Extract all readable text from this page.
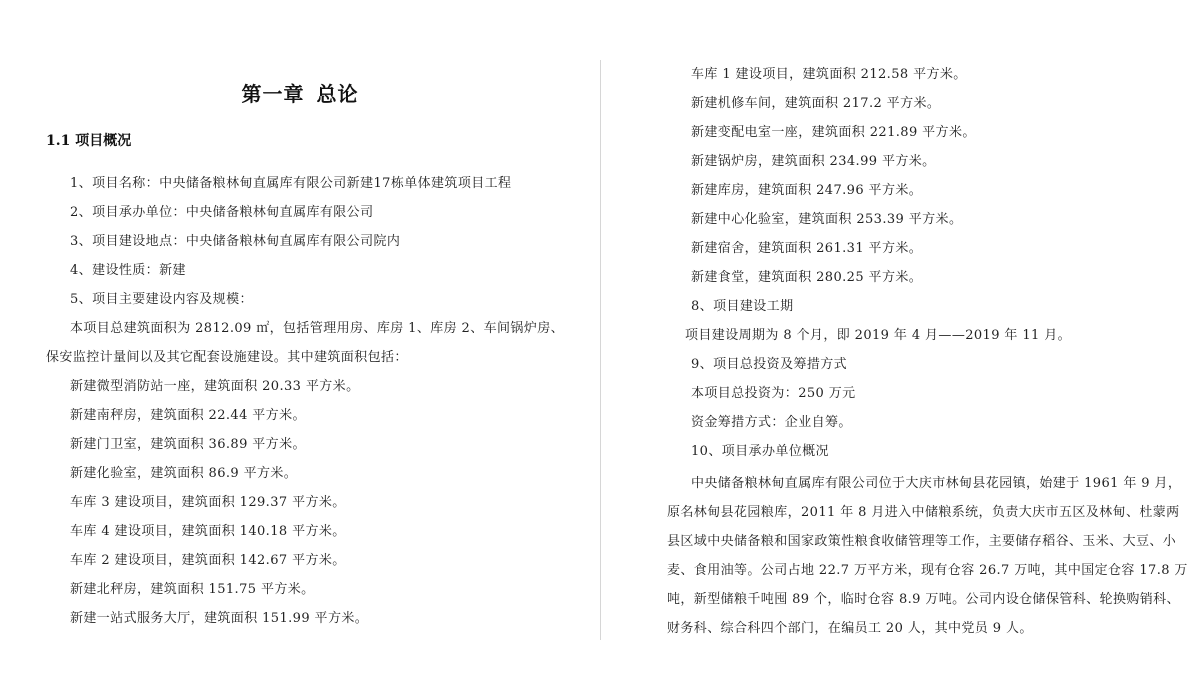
第一章 总论
1.1 项目概况

1、项目名称：中央储备粮林甸直属库有限公司新建17栋单体建筑项目工程

2、项目承办单位：中央储备粮林甸直属库有限公司

3、项目建设地点：中央储备粮林甸直属库有限公司院内

4、建设性质：新建

5、项目主要建设内容及规模：

本项目总建筑面积为 2812.09 ㎡，包括管理用房、库房 1、库房 2、车间锅炉房、

保安监控计量间以及其它配套设施建设。其中建筑面积包括：

新建微型消防站一座，建筑面积 20.33 平方米。

新建南秤房，建筑面积 22.44 平方米。

新建门卫室，建筑面积 36.89 平方米。

新建化验室，建筑面积 86.9 平方米。

车库 3 建设项目，建筑面积 129.37 平方米。

车库 4 建设项目，建筑面积 140.18 平方米。

车库 2 建设项目，建筑面积 142.67 平方米。

新建北秤房，建筑面积 151.75 平方米。

新建一站式服务大厅，建筑面积 151.99 平方米。

车库 1 建设项目，建筑面积 212.58 平方米。

新建机修车间，建筑面积 217.2 平方米。

新建变配电室一座，建筑面积 221.89 平方米。

新建锅炉房，建筑面积 234.99 平方米。

新建库房，建筑面积 247.96 平方米。

新建中心化验室，建筑面积 253.39 平方米。

新建宿舍，建筑面积 261.31 平方米。

新建食堂，建筑面积 280.25 平方米。

8、项目建设工期

项目建设周期为 8 个月，即 2019 年 4 月——2019 年 11 月。

9、项目总投资及筹措方式

本项目总投资为：250 万元

资金筹措方式：企业自筹。

10、项目承办单位概况

中央储备粮林甸直属库有限公司位于大庆市林甸县花园镇，始建于 1961 年 9 月，

原名林甸县花园粮库，2011 年 8 月进入中储粮系统，负责大庆市五区及林甸、杜蒙两

县区域中央储备粮和国家政策性粮食收储管理等工作，主要储存稻谷、玉米、大豆、小

麦、食用油等。公司占地 22.7 万平方米，现有仓容 26.7 万吨，其中国定仓容 17.8 万

吨，新型储粮千吨囤 89 个，临时仓容 8.9 万吨。公司内设仓储保管科、轮换购销科、

财务科、综合科四个部门，在编员工 20 人，其中党员 9 人。
